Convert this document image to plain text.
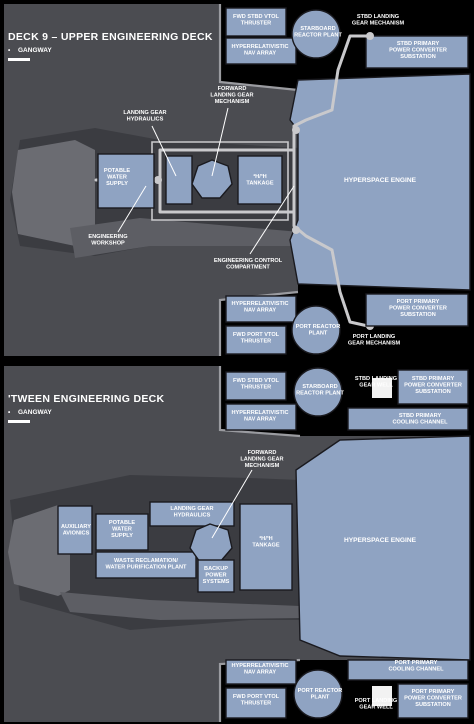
HYPERSPACE ENGINE
FWD STBD VTOL THRUSTER
HYPERRELATIVISTIC NAV ARRAY
STARBOARD REACTOR PLANT
STBD PRIMARY POWER CONVERTER SUBSTATION
STBD LANDING GEAR MECHANISM
POTABLE WATER SUPPLY
²H/³H TANKAGE
LANDING GEAR HYDRAULICS
FORWARD LANDING GEAR MECHANISM
ENGINEERING WORKSHOP
ENGINEERING CONTROL COMPARTMENT
HYPERRELATIVISTIC NAV ARRAY
FWD PORT VTOL THRUSTER
PORT REACTOR PLANT
PORT PRIMARY POWER CONVERTER SUBSTATION
PORT LANDING GEAR MECHANISM
DECK 9 – UPPER ENGINEERING DECK
• GANGWAY
HYPERSPACE ENGINE
FWD STBD VTOL THRUSTER
HYPERRELATIVISTIC NAV ARRAY
STARBOARD REACTOR PLANT
STBD LANDING GEAR WELL
STBD PRIMARY POWER CONVERTER SUBSTATION
STBD PRIMARY COOLING CHANNEL
AUXILIARY AVIONICS
POTABLE WATER SUPPLY
WASTE RECLAMATION/ WATER PURIFICATION PLANT
LANDING GEAR HYDRAULICS
BACKUP POWER SYSTEMS
²H/³H TANKAGE
FORWARD LANDING GEAR MECHANISM
HYPERRELATIVISTIC NAV ARRAY
FWD PORT VTOL THRUSTER
PORT REACTOR PLANT
PORT PRIMARY COOLING CHANNEL
PORT PRIMARY POWER CONVERTER SUBSTATION
PORT LANDING GEAR WELL
'TWEEN ENGINEERING DECK
• GANGWAY
